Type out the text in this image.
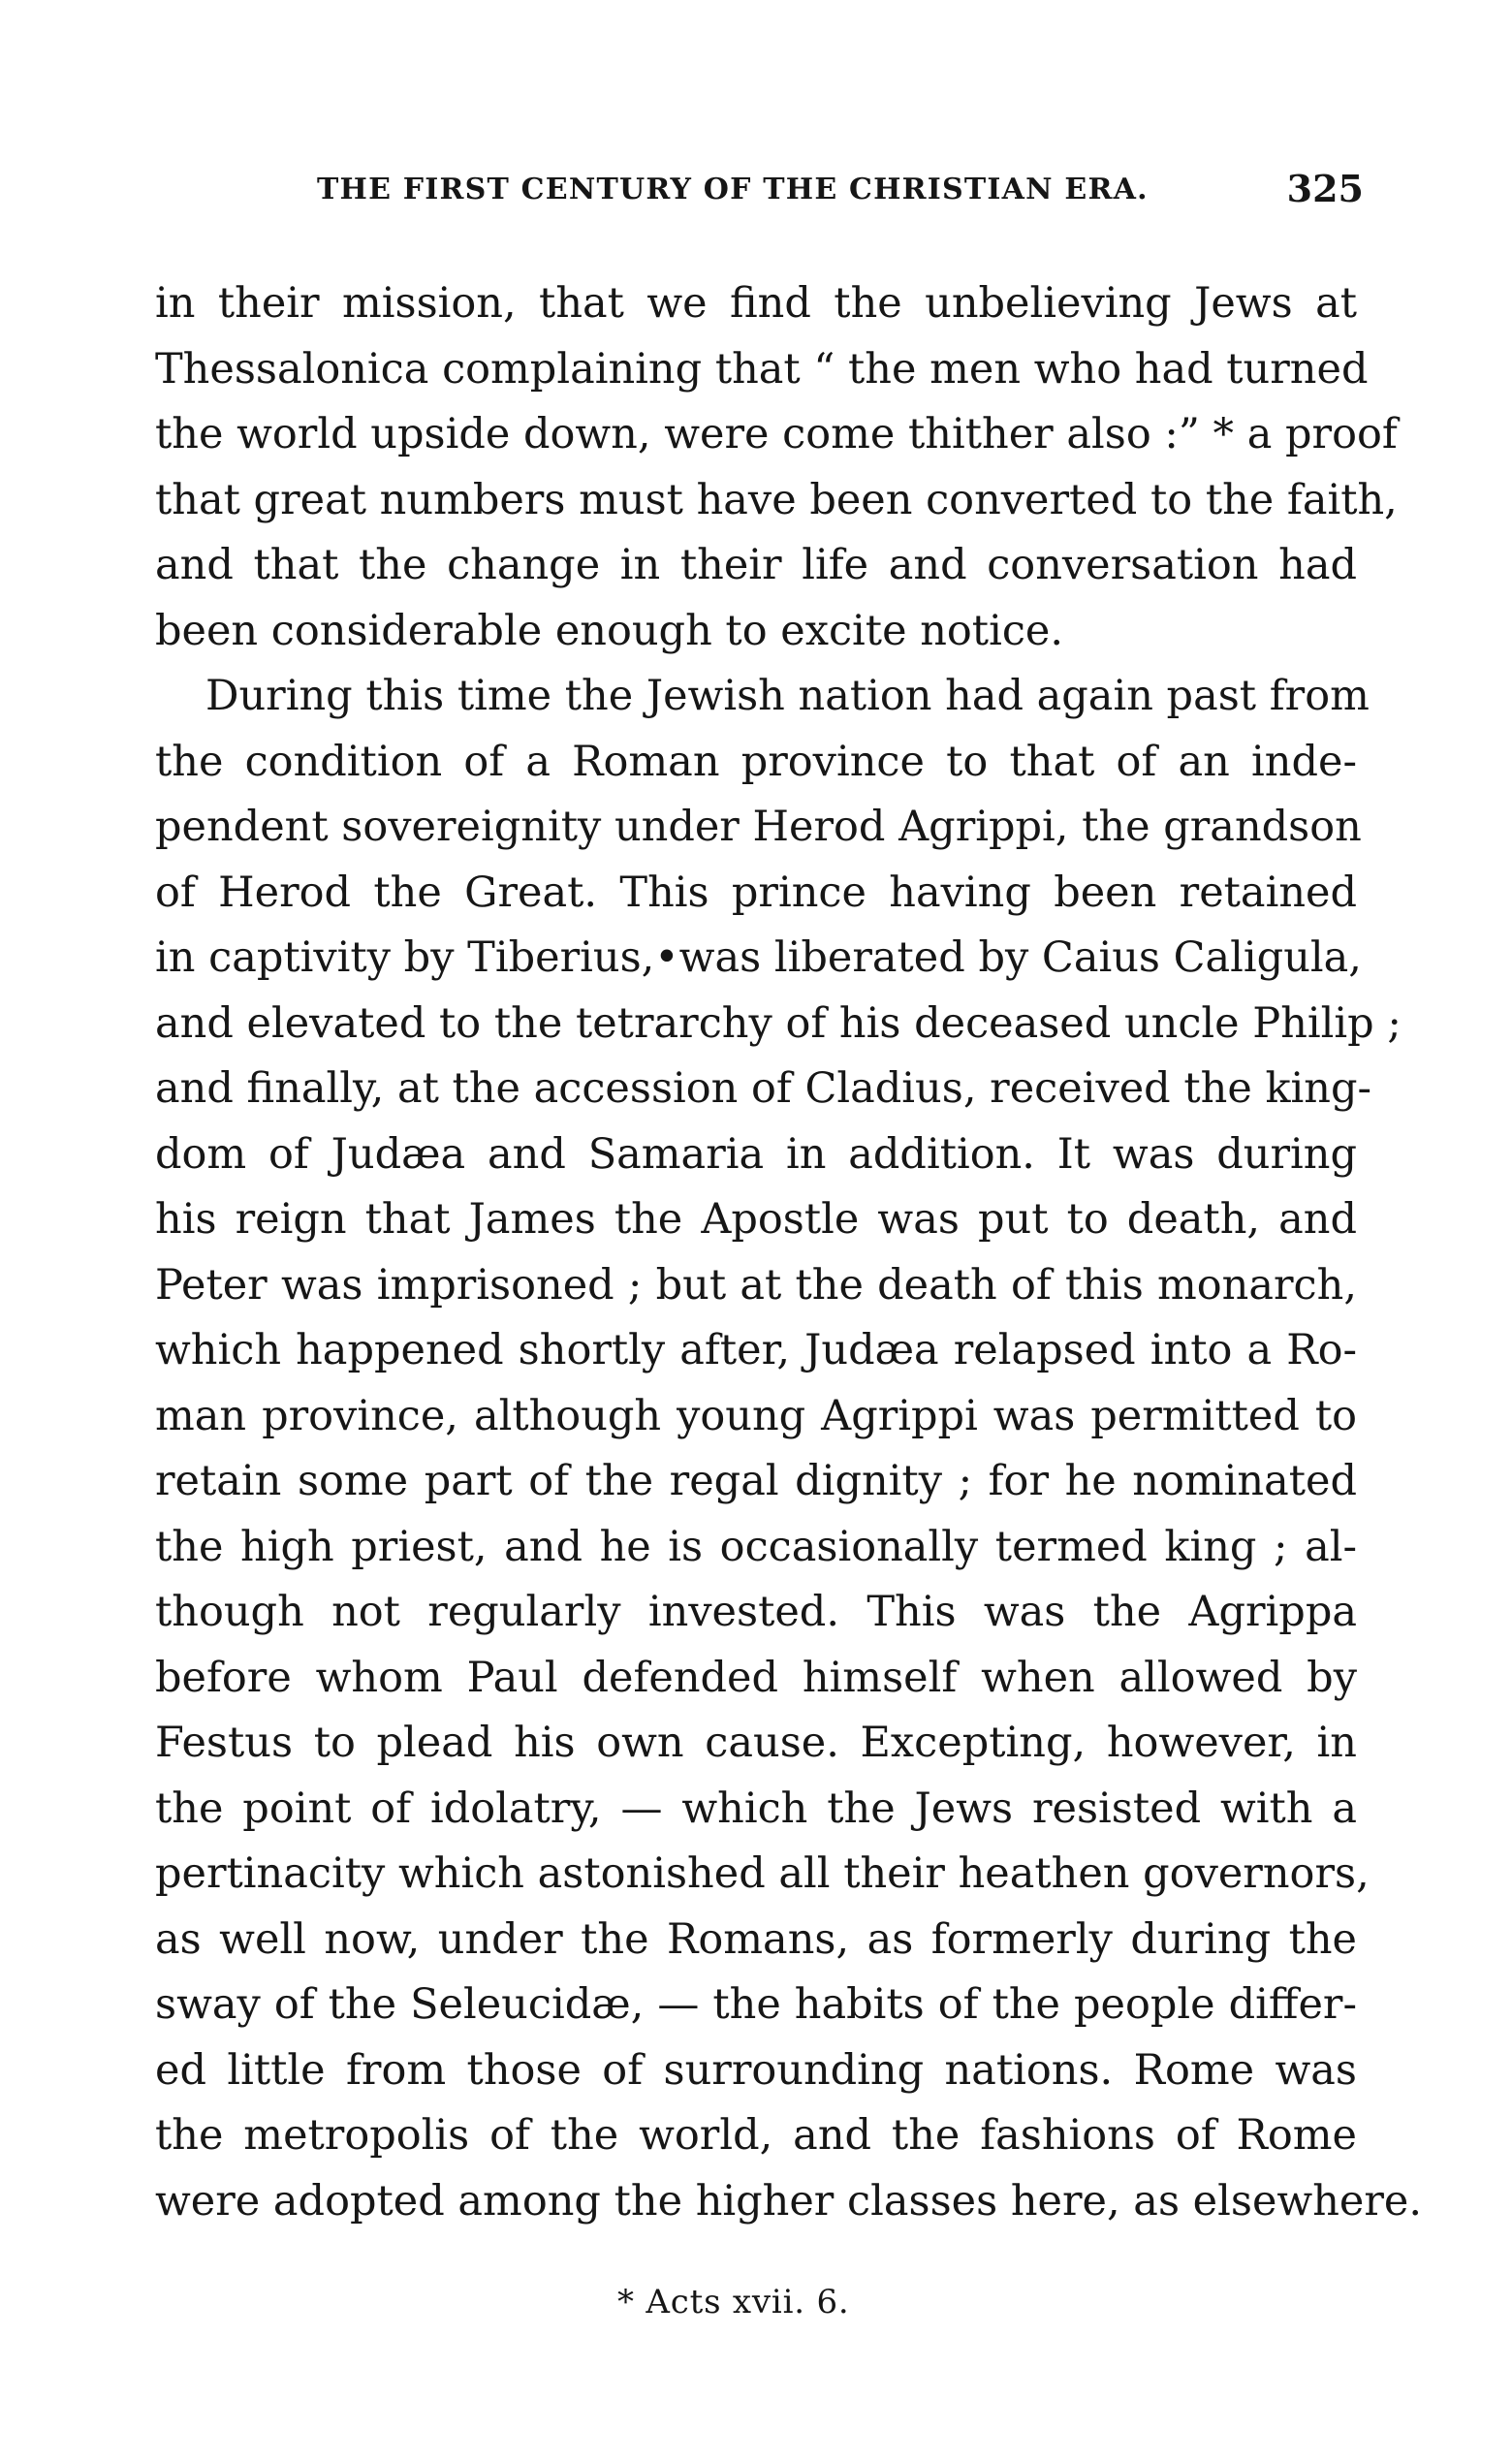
THE FIRST CENTURY OF THE CHRISTIAN ERA.	325
in their mission, that we find the unbelieving Jews at
Thessalonica complaining that “ the men who had turned
the world upside down, were come thither also :” * a proof
that great numbers must have been converted to the faith,
and that the change in their life and conversation had
been considerable enough to excite notice.
During this time the Jewish nation had again past from
the condition of a Roman province to that of an inde-
pendent sovereignity under Herod Agrippi, the grandson
of Herod the Great. This prince having been retained
in captivity by Tiberius,•was liberated by Caius Caligula,
and elevated to the tetrarchy of his deceased uncle Philip ;
and finally, at the accession of Cladius, received the king-
dom of Judæa and Samaria in addition. It was during
his reign that James the Apostle was put to death, and
Peter was imprisoned ; but at the death of this monarch,
which happened shortly after, Judæa relapsed into a Ro-
man province, although young Agrippi was permitted to
retain some part of the regal dignity ; for he nominated
the high priest, and he is occasionally termed king ; al-
though not regularly invested. This was the Agrippa
before whom Paul defended himself when allowed by
Festus to plead his own cause. Excepting, however, in
the point of idolatry, — which the Jews resisted with a
pertinacity which astonished all their heathen governors,
as well now, under the Romans, as formerly during the
sway of the Seleucidæ, — the habits of the people differ-
ed little from those of surrounding nations. Rome was
the metropolis of the world, and the fashions of Rome
were adopted among the higher classes here, as elsewhere.
* Acts xvii. 6.
